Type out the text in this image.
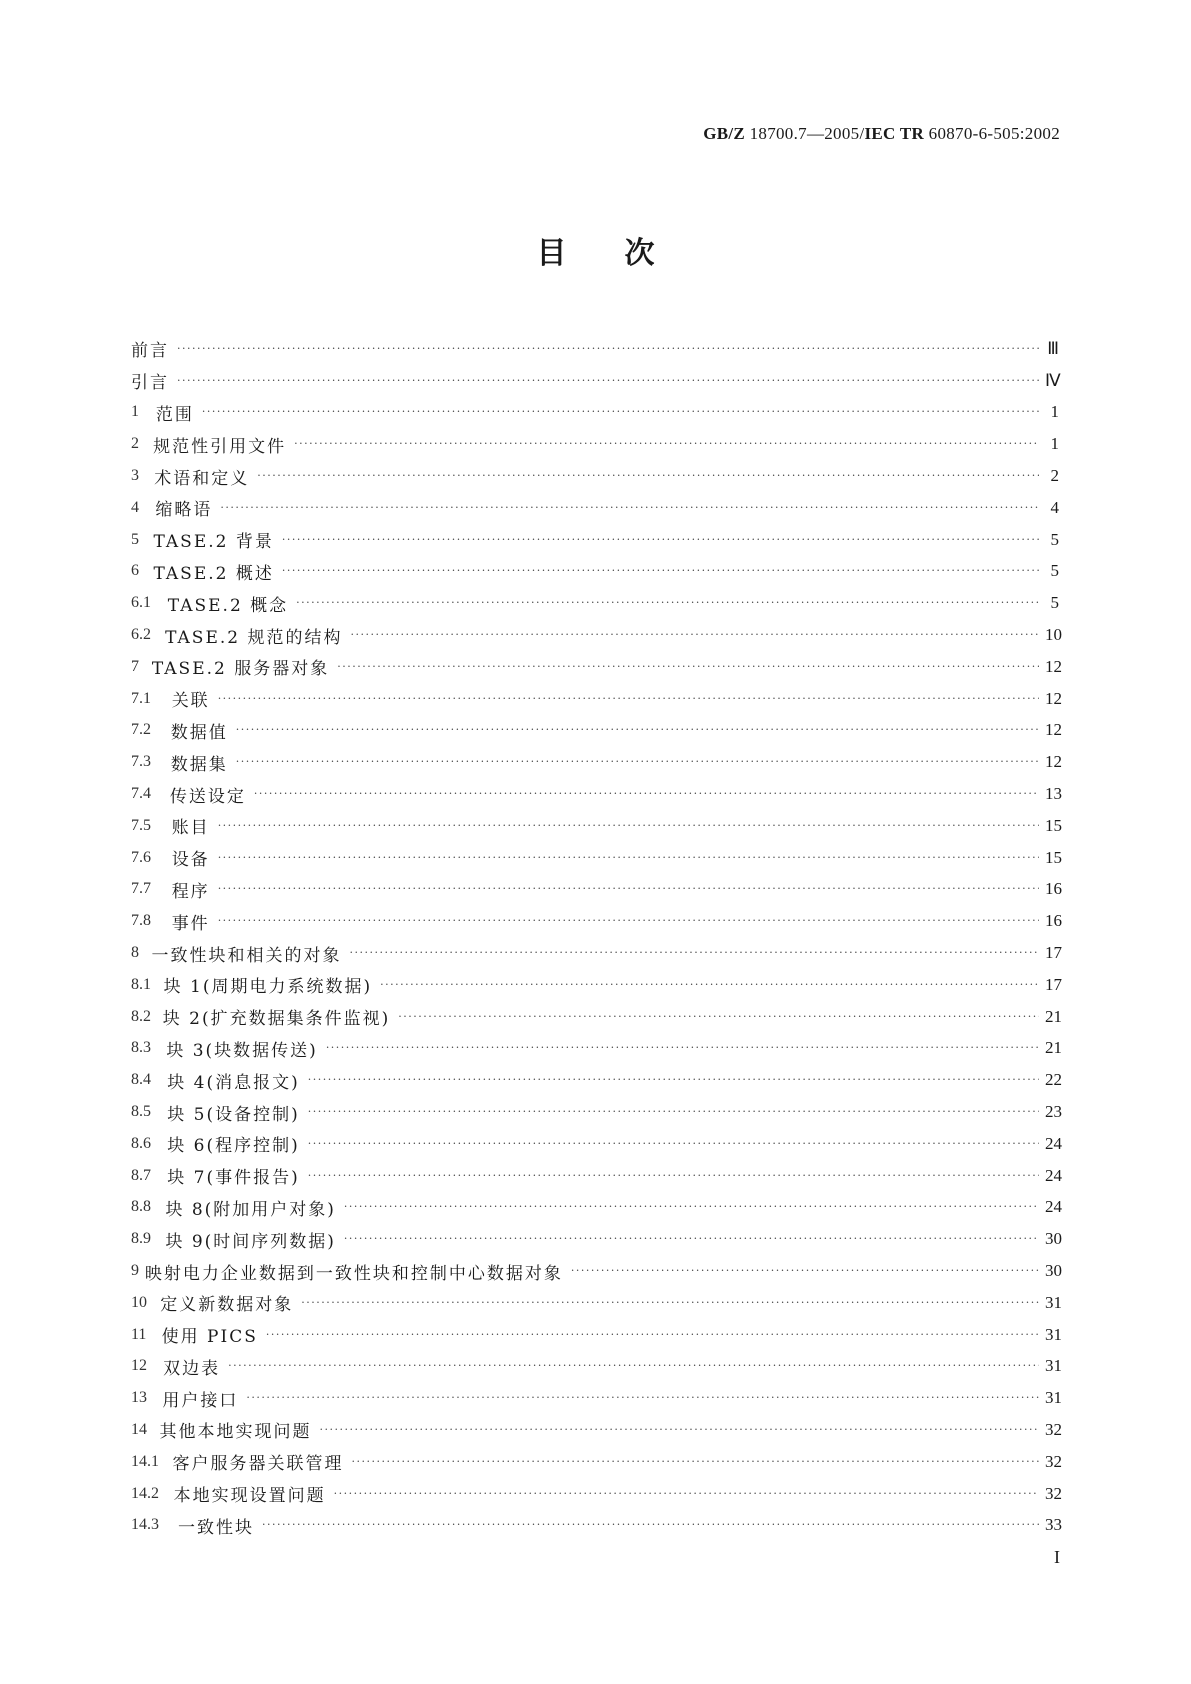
GB/Z 18700.7—2005/IEC TR 60870-6-505:2002
目次
前言 ·····	Ⅲ
引言 ·····	Ⅳ
1 范围 ·····	1
2 规范性引用文件 ·····	1
3 术语和定义 ·····	2
4 缩略语 ·····	4
5 TASE.2 背景 ·····	5
6 TASE.2 概述 ·····	5
6.1 TASE.2 概念 ·····	5
6.2 TASE.2 规范的结构 ·····	10
7 TASE.2 服务器对象 ·····	12
7.1	关联 ·····	12
7.2	数据值 ·····	12
7.3	数据集 ·····	12
7.4	传送设定 ·····	13
7.5	账目 ·····	15
7.6	设备 ·····	15
7.7	程序 ·····	16
7.8	事件 ·····	16
8 一致性块和相关的对象 ·····	17
8.1 块 1(周期电力系统数据) ·····	17
8.2 块 2(扩充数据集条件监视) ·····	21
8.3 块 3(块数据传送) ·····	21
8.4 块 4(消息报文) ·····	22
8.5 块 5(设备控制) ·····	23
8.6 块 6(程序控制) ·····	24
8.7 块 7(事件报告) ·····	24
8.8 块 8(附加用户对象) ·····	24
8.9 块 9(时间序列数据) ·····	30
9 映射电力企业数据到一致性块和控制中心数据对象 ·····	30
10 定义新数据对象 ·····	31
11 使用 PICS ·····	31
12 双边表 ·····	31
13 用户接口 ·····	31
14 其他本地实现问题 ·····	32
14.1 客户服务器关联管理 ·····	32
14.2 本地实现设置问题 ·····	32
14.3	一致性块 ·····	33
I
